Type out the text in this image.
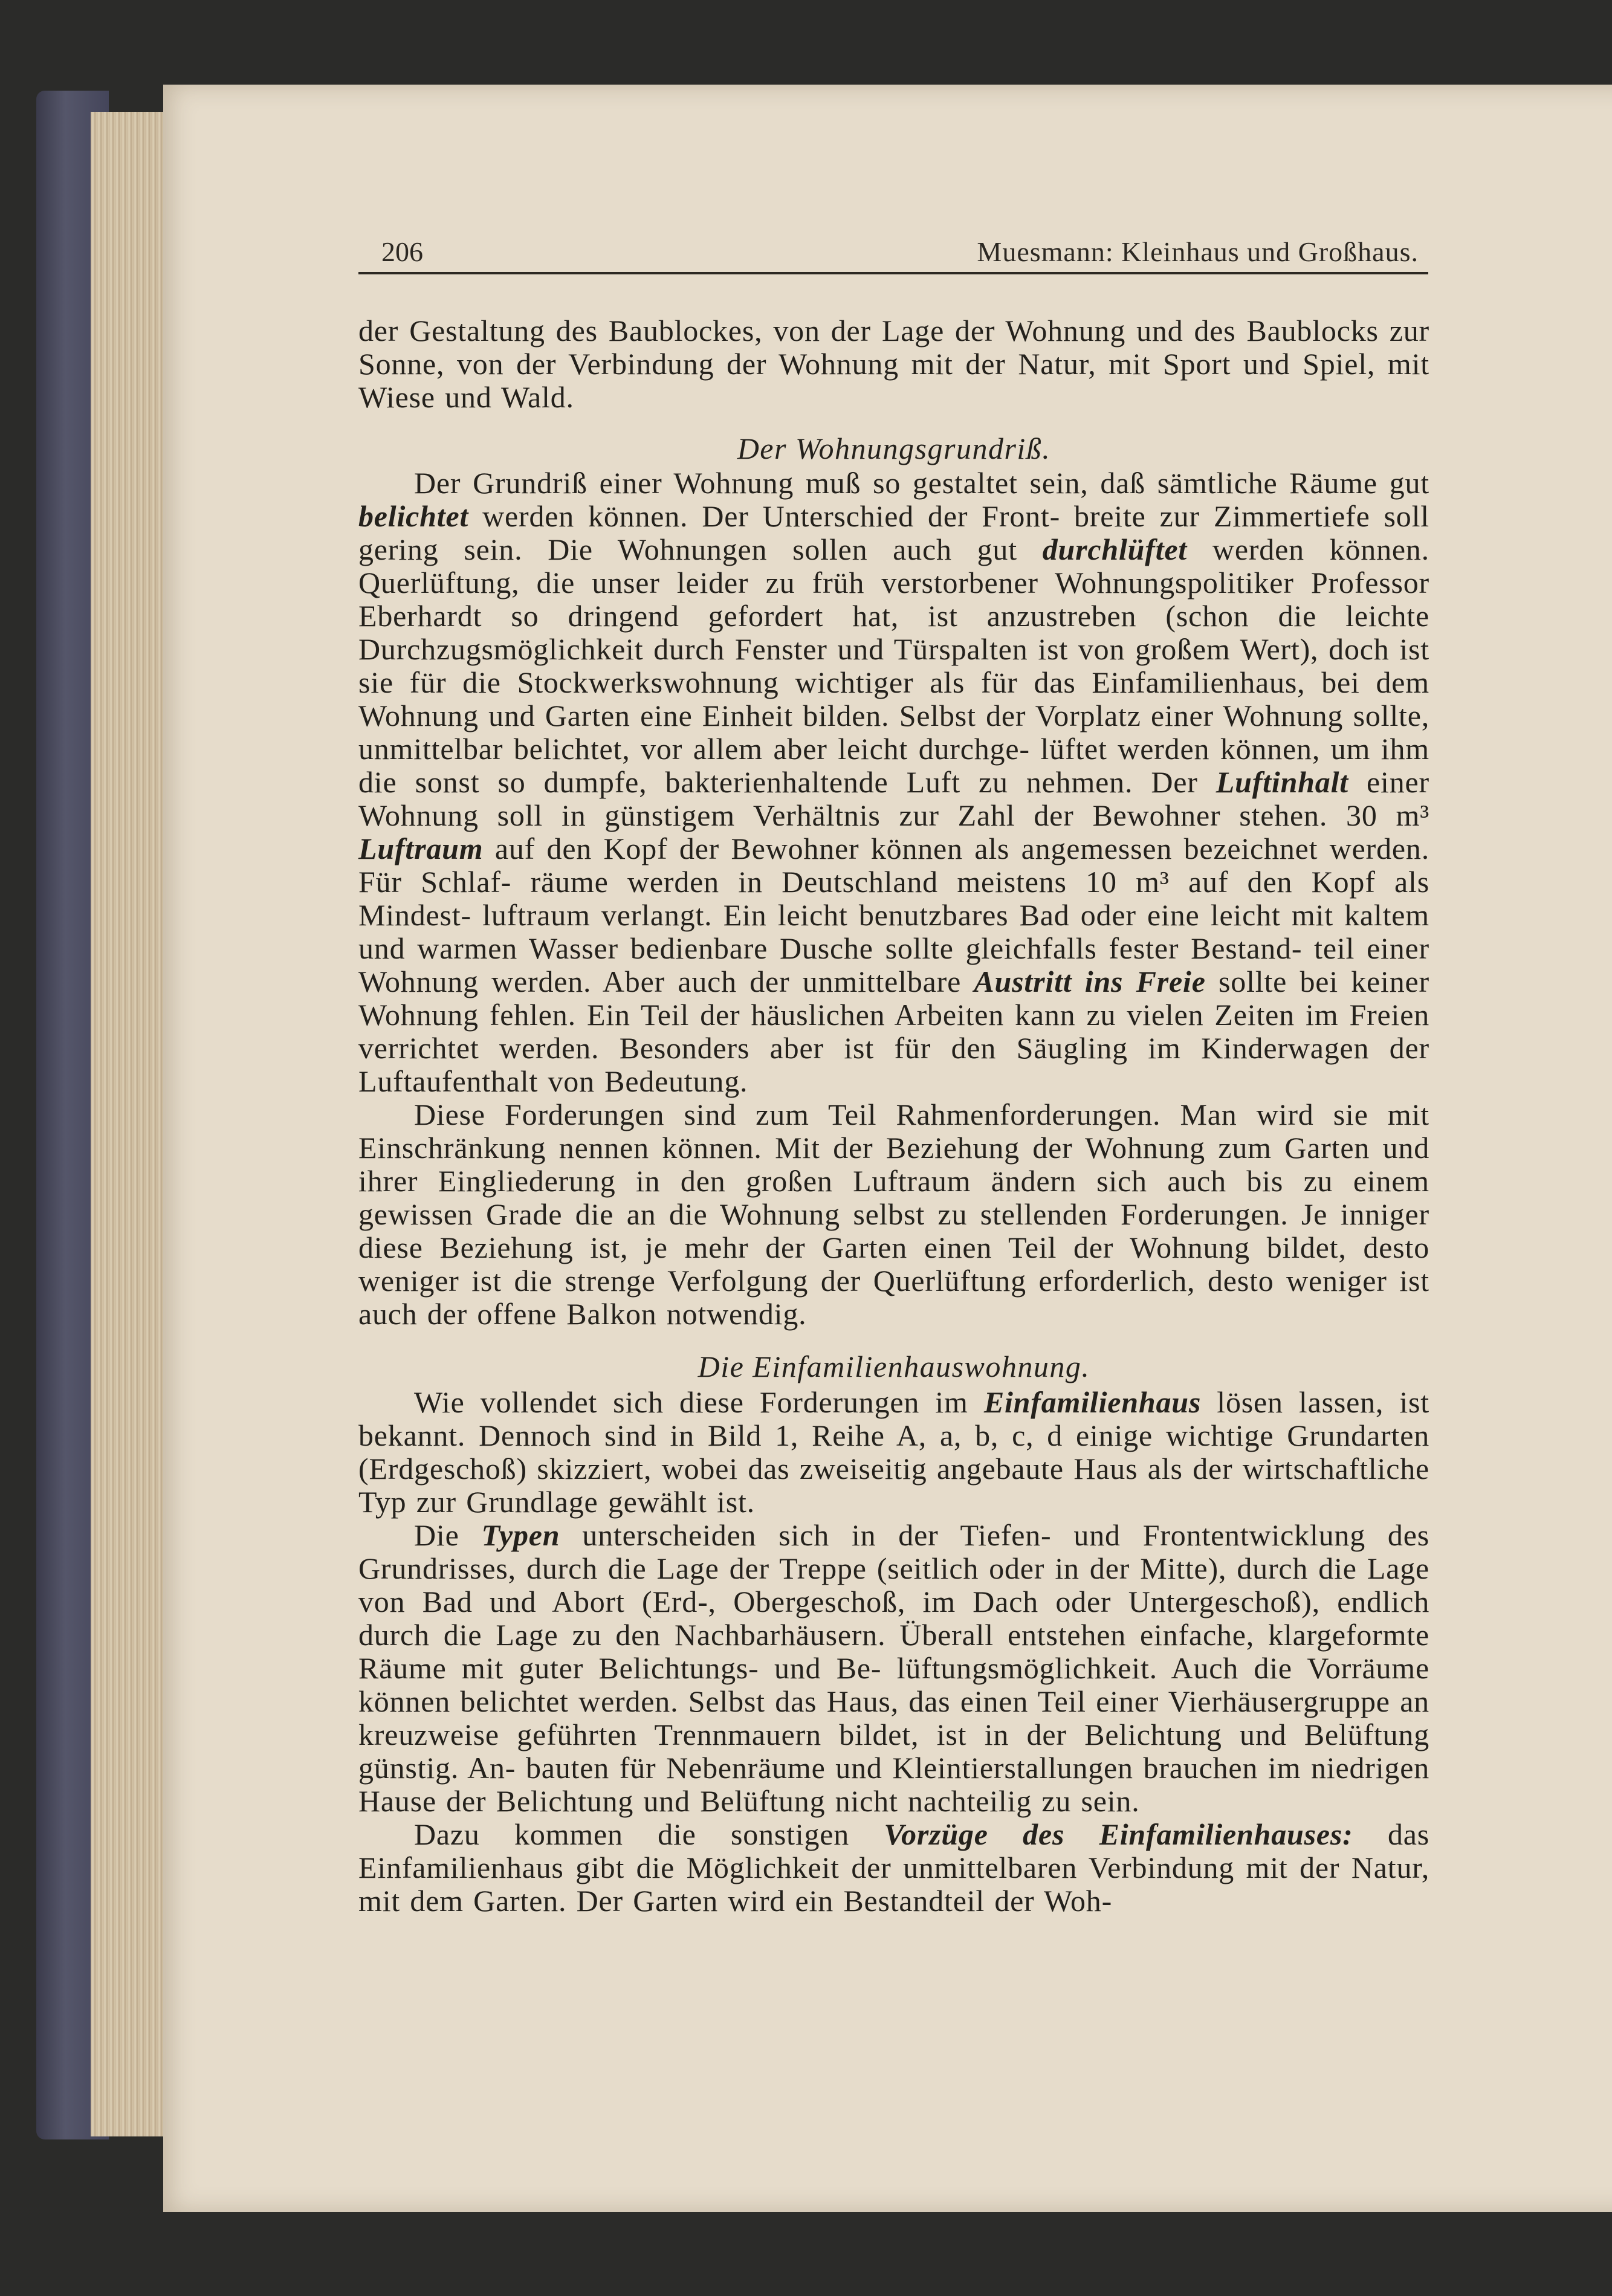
206	Muesmann: Kleinhaus und Großhaus.

der Gestaltung des Baublockes, von der Lage der Wohnung und des Baublocks zur Sonne, von der Verbindung der Wohnung mit der Natur, mit Sport und Spiel, mit Wiese und Wald.

Der Wohnungsgrundriß.

Der Grundriß einer Wohnung muß so gestaltet sein, daß sämtliche Räume gut belichtet werden können. Der Unterschied der Front- breite zur Zimmertiefe soll gering sein. Die Wohnungen sollen auch gut durchlüftet werden können. Querlüftung, die unser leider zu früh verstorbener Wohnungspolitiker Professor Eberhardt so dringend gefordert hat, ist anzustreben (schon die leichte Durchzugsmöglichkeit durch Fenster und Türspalten ist von großem Wert), doch ist sie für die Stockwerkswohnung wichtiger als für das Einfamilienhaus, bei dem Wohnung und Garten eine Einheit bilden. Selbst der Vorplatz einer Wohnung sollte, unmittelbar belichtet, vor allem aber leicht durchge- lüftet werden können, um ihm die sonst so dumpfe, bakterienhaltende Luft zu nehmen. Der Luftinhalt einer Wohnung soll in günstigem Verhältnis zur Zahl der Bewohner stehen. 30 m³ Luftraum auf den Kopf der Bewohner können als angemessen bezeichnet werden. Für Schlaf- räume werden in Deutschland meistens 10 m³ auf den Kopf als Mindest- luftraum verlangt. Ein leicht benutzbares Bad oder eine leicht mit kaltem und warmen Wasser bedienbare Dusche sollte gleichfalls fester Bestand- teil einer Wohnung werden. Aber auch der unmittelbare Austritt ins Freie sollte bei keiner Wohnung fehlen. Ein Teil der häuslichen Arbeiten kann zu vielen Zeiten im Freien verrichtet werden. Besonders aber ist für den Säugling im Kinderwagen der Luftaufenthalt von Bedeutung.

Diese Forderungen sind zum Teil Rahmenforderungen. Man wird sie mit Einschränkung nennen können. Mit der Beziehung der Wohnung zum Garten und ihrer Eingliederung in den großen Luftraum ändern sich auch bis zu einem gewissen Grade die an die Wohnung selbst zu stellenden Forderungen. Je inniger diese Beziehung ist, je mehr der Garten einen Teil der Wohnung bildet, desto weniger ist die strenge Verfolgung der Querlüftung erforderlich, desto weniger ist auch der offene Balkon notwendig.

Die Einfamilienhauswohnung.

Wie vollendet sich diese Forderungen im Einfamilienhaus lösen lassen, ist bekannt. Dennoch sind in Bild 1, Reihe A, a, b, c, d einige wichtige Grundarten (Erdgeschoß) skizziert, wobei das zweiseitig angebaute Haus als der wirtschaftliche Typ zur Grundlage gewählt ist.

Die Typen unterscheiden sich in der Tiefen- und Frontentwicklung des Grundrisses, durch die Lage der Treppe (seitlich oder in der Mitte), durch die Lage von Bad und Abort (Erd-, Obergeschoß, im Dach oder Untergeschoß), endlich durch die Lage zu den Nachbarhäusern. Überall entstehen einfache, klargeformte Räume mit guter Belichtungs- und Be- lüftungsmöglichkeit. Auch die Vorräume können belichtet werden. Selbst das Haus, das einen Teil einer Vierhäusergruppe an kreuzweise geführten Trennmauern bildet, ist in der Belichtung und Belüftung günstig. An- bauten für Nebenräume und Kleintierstallungen brauchen im niedrigen Hause der Belichtung und Belüftung nicht nachteilig zu sein.

Dazu kommen die sonstigen Vorzüge des Einfamilienhauses: das Einfamilienhaus gibt die Möglichkeit der unmittelbaren Verbindung mit der Natur, mit dem Garten. Der Garten wird ein Bestandteil der Woh-
